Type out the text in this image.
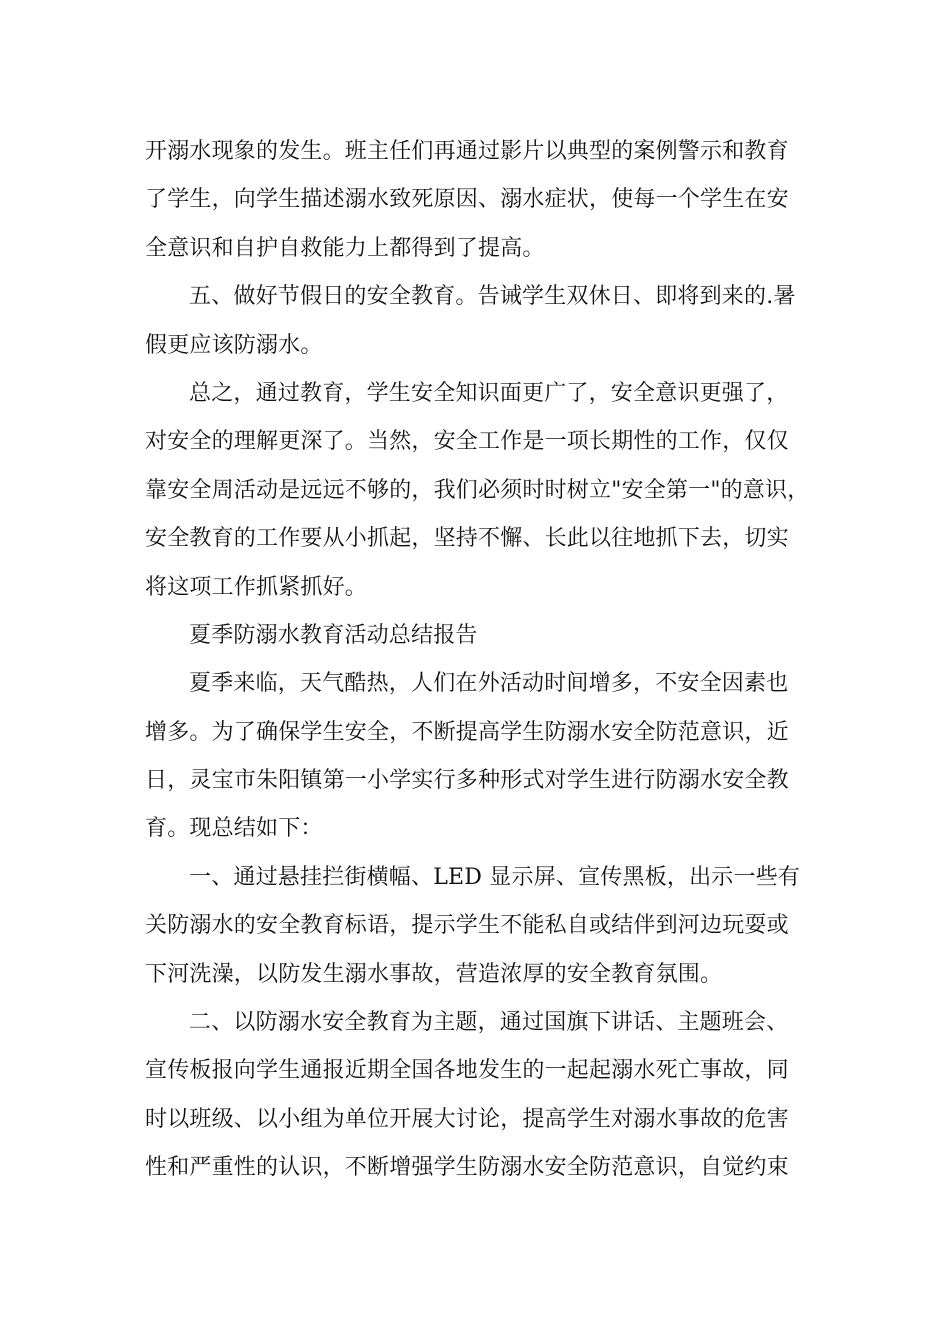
开溺水现象的发生。班主任们再通过影片以典型的案例警示和教育
了学生，向学生描述溺水致死原因、溺水症状，使每一个学生在安
全意识和自护自救能力上都得到了提高。
五、做好节假日的安全教育。告诫学生双休日、即将到来的.暑
假更应该防溺水。
总之，通过教育，学生安全知识面更广了，安全意识更强了，
对安全的理解更深了。当然，安全工作是一项长期性的工作，仅仅
靠安全周活动是远远不够的，我们必须时时树立"安全第一"的意识，
安全教育的工作要从小抓起，坚持不懈、长此以往地抓下去，切实
将这项工作抓紧抓好。
夏季防溺水教育活动总结报告
夏季来临，天气酷热，人们在外活动时间增多，不安全因素也
增多。为了确保学生安全，不断提高学生防溺水安全防范意识，近
日，灵宝市朱阳镇第一小学实行多种形式对学生进行防溺水安全教
育。现总结如下：
一、通过悬挂拦街横幅、LED 显示屏、宣传黑板，出示一些有
关防溺水的安全教育标语，提示学生不能私自或结伴到河边玩耍或
下河洗澡，以防发生溺水事故，营造浓厚的安全教育氛围。
二、以防溺水安全教育为主题，通过国旗下讲话、主题班会、
宣传板报向学生通报近期全国各地发生的一起起溺水死亡事故，同
时以班级、以小组为单位开展大讨论，提高学生对溺水事故的危害
性和严重性的认识，不断增强学生防溺水安全防范意识，自觉约束
